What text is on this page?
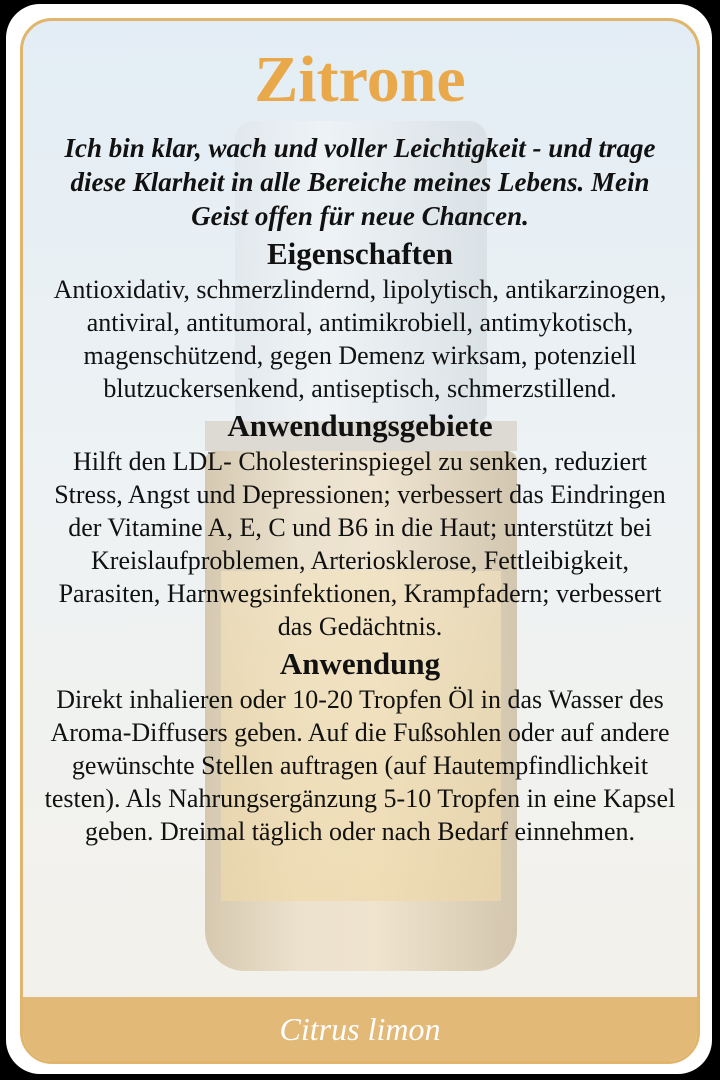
Zitrone
Ich bin klar, wach und voller Leichtigkeit - und trage diese Klarheit in alle Bereiche meines Lebens. Mein Geist offen für neue Chancen.
Eigenschaften
Antioxidativ, schmerzlindernd, lipolytisch, antikarzinogen, antiviral, antitumoral, antimikrobiell, antimykotisch, magenschützend, gegen Demenz wirksam, potenziell blutzuckersenkend, antiseptisch, schmerzstillend.
Anwendungsgebiete
Hilft den LDL- Cholesterinspiegel zu senken, reduziert Stress, Angst und Depressionen; verbessert das Eindringen der Vitamine A, E, C und B6 in die Haut; unterstützt bei Kreislaufproblemen, Arteriosklerose, Fettleibigkeit, Parasiten, Harnwegsinfektionen, Krampfadern; verbessert das Gedächtnis.
Anwendung
Direkt inhalieren oder 10-20 Tropfen Öl in das Wasser des Aroma-Diffusers geben. Auf die Fußsohlen oder auf andere gewünschte Stellen auftragen (auf Hautempfindlichkeit testen). Als Nahrungsergänzung 5-10 Tropfen in eine Kapsel geben. Dreimal täglich oder nach Bedarf einnehmen.
Citrus limon
